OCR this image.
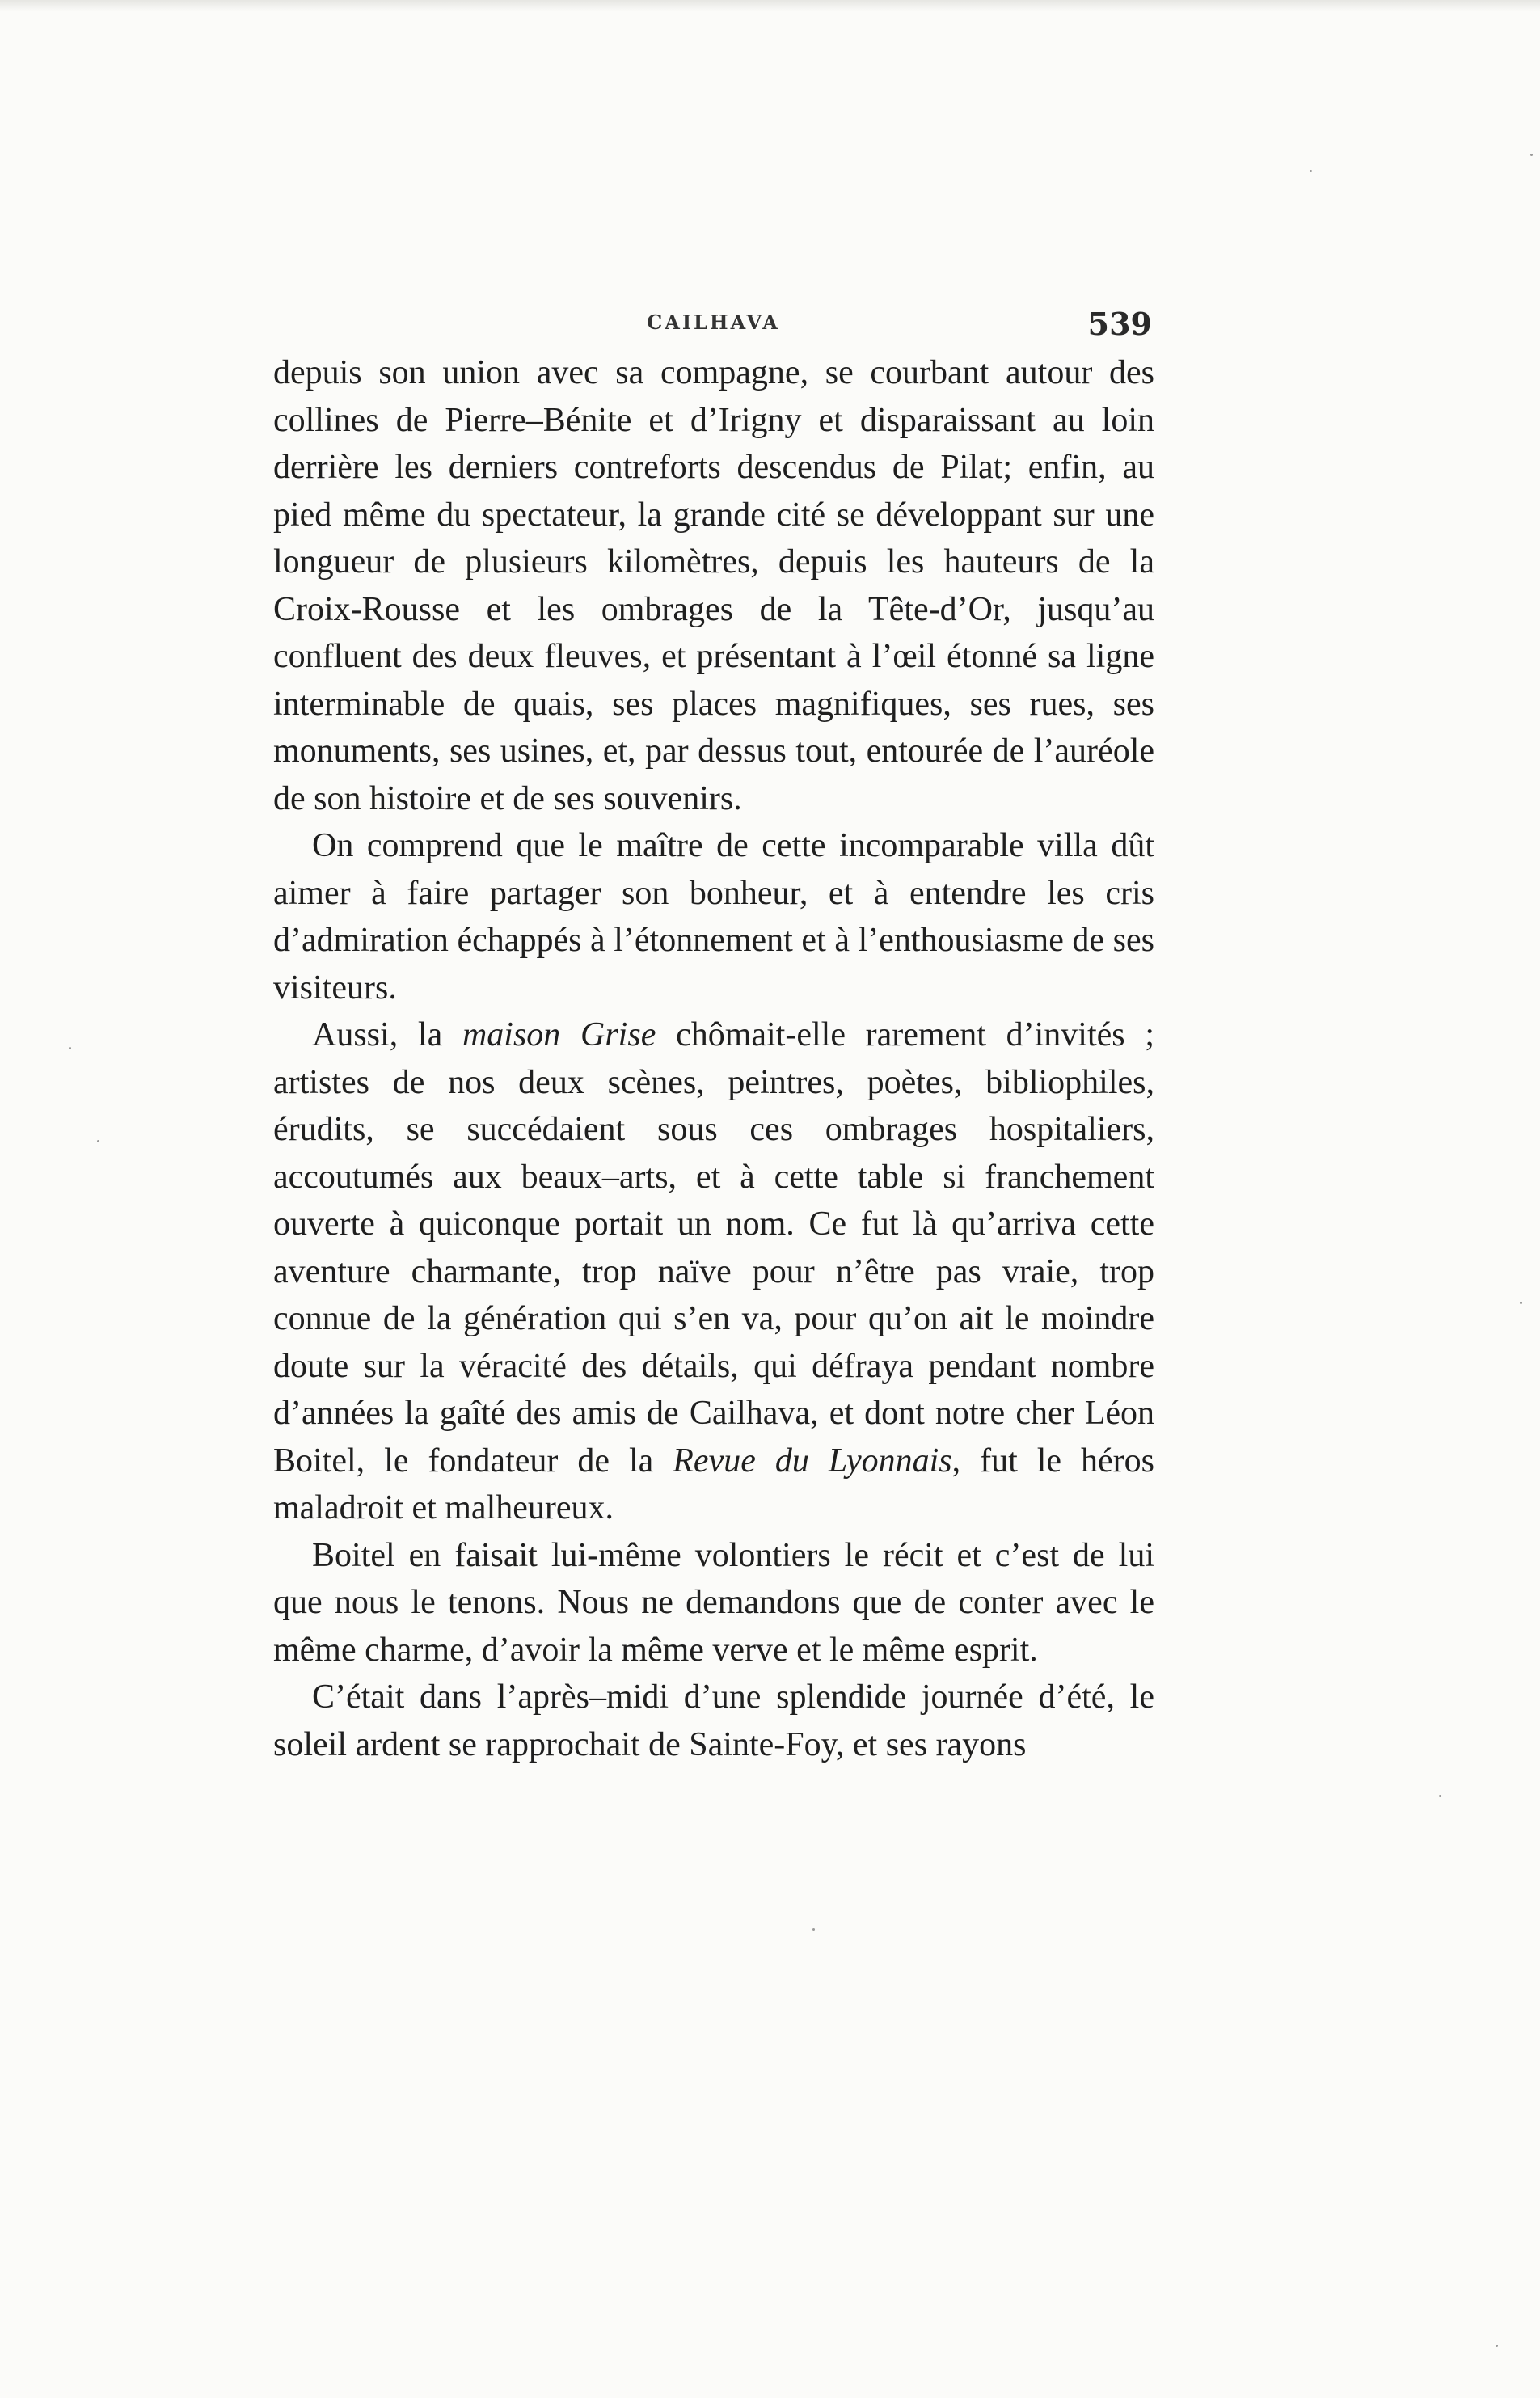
CAILHAVA	539

depuis son union avec sa compagne, se courbant autour des collines de Pierre–Bénite et d’Irigny et disparaissant au loin derrière les derniers contreforts descendus de Pilat; enfin, au pied même du spectateur, la grande cité se développant sur une longueur de plusieurs kilomètres, depuis les hauteurs de la Croix-Rousse et les ombrages de la Tête-d’Or, jusqu’au confluent des deux fleuves, et présentant à l’œil étonné sa ligne interminable de quais, ses places magnifiques, ses rues, ses monuments, ses usines, et, par dessus tout, entourée de l’auréole de son histoire et de ses souvenirs.

On comprend que le maître de cette incomparable villa dût aimer à faire partager son bonheur, et à entendre les cris d’admiration échappés à l’étonnement et à l’enthousiasme de ses visiteurs.

Aussi, la maison Grise chômait-elle rarement d’invités ; artistes de nos deux scènes, peintres, poètes, bibliophiles, érudits, se succédaient sous ces ombrages hospitaliers, accoutumés aux beaux–arts, et à cette table si franchement ouverte à quiconque portait un nom. Ce fut là qu’arriva cette aventure charmante, trop naïve pour n’être pas vraie, trop connue de la génération qui s’en va, pour qu’on ait le moindre doute sur la véracité des détails, qui défraya pendant nombre d’années la gaîté des amis de Cailhava, et dont notre cher Léon Boitel, le fondateur de la Revue du Lyonnais, fut le héros maladroit et malheureux.

Boitel en faisait lui-même volontiers le récit et c’est de lui que nous le tenons. Nous ne demandons que de conter avec le même charme, d’avoir la même verve et le même esprit.

C’était dans l’après–midi d’une splendide journée d’été, le soleil ardent se rapprochait de Sainte-Foy, et ses rayons
